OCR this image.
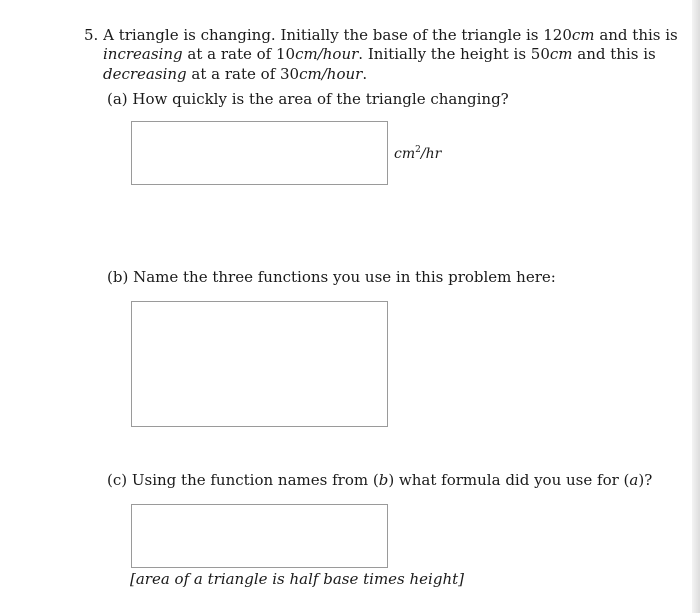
5. A triangle is changing. Initially the base of the triangle is 120cm and this is
increasing at a rate of 10cm/hour. Initially the height is 50cm and this is
decreasing at a rate of 30cm/hour.
(a) How quickly is the area of the triangle changing?
$cm^2/hr$
(b) Name the three functions you use in this problem here:
(c) Using the function names from (b) what formula did you use for (a)?
[area of a triangle is half base times height]
